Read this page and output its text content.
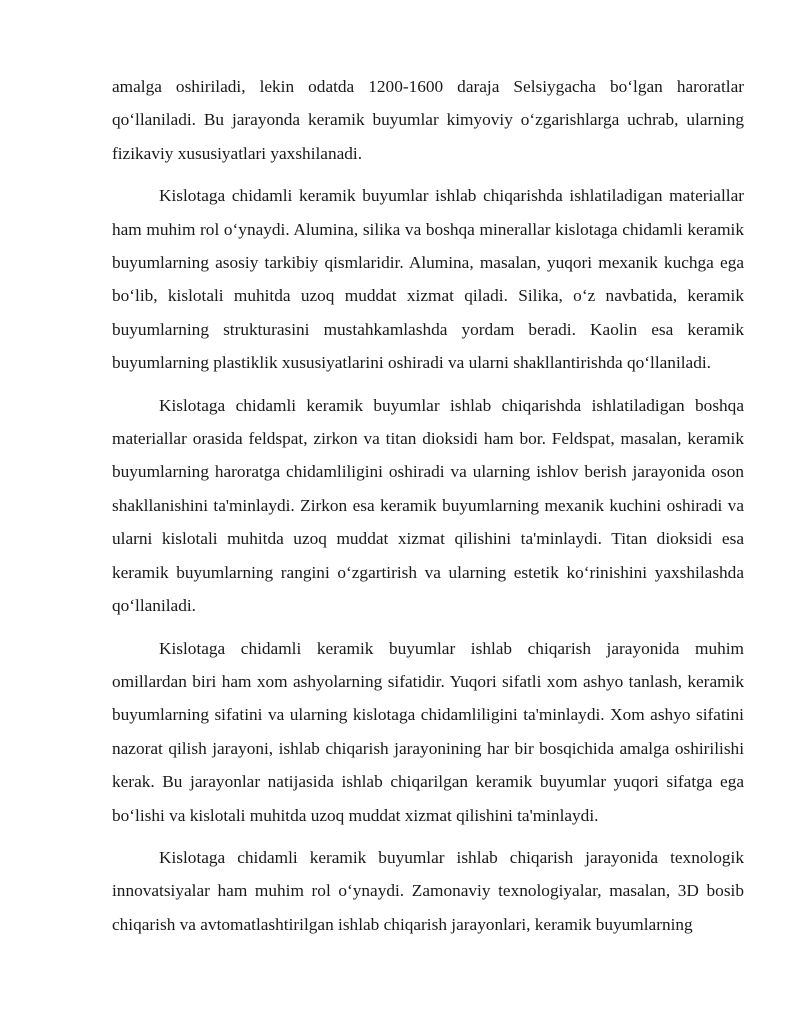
amalga oshiriladi, lekin odatda 1200-1600 daraja Selsiygacha bo‘lgan haroratlar qo‘llaniladi. Bu jarayonda keramik buyumlar kimyoviy o‘zgarishlarga uchrab, ularning fizikaviy xususiyatlari yaxshilanadi.

Kislotaga chidamli keramik buyumlar ishlab chiqarishda ishlatiladigan materiallar ham muhim rol o‘ynaydi. Alumina, silika va boshqa minerallar kislotaga chidamli keramik buyumlarning asosiy tarkibiy qismlaridir. Alumina, masalan, yuqori mexanik kuchga ega bo‘lib, kislotali muhitda uzoq muddat xizmat qiladi. Silika, o‘z navbatida, keramik buyumlarning strukturasini mustahkamlashda yordam beradi. Kaolin esa keramik buyumlarning plastiklik xususiyatlarini oshiradi va ularni shakllantirishda qo‘llaniladi.

Kislotaga chidamli keramik buyumlar ishlab chiqarishda ishlatiladigan boshqa materiallar orasida feldspat, zirkon va titan dioksidi ham bor. Feldspat, masalan, keramik buyumlarning haroratga chidamliligini oshiradi va ularning ishlov berish jarayonida oson shakllanishini ta'minlaydi. Zirkon esa keramik buyumlarning mexanik kuchini oshiradi va ularni kislotali muhitda uzoq muddat xizmat qilishini ta'minlaydi. Titan dioksidi esa keramik buyumlarning rangini o‘zgartirish va ularning estetik ko‘rinishini yaxshilashda qo‘llaniladi.

Kislotaga chidamli keramik buyumlar ishlab chiqarish jarayonida muhim omillardan biri ham xom ashyolarning sifatidir. Yuqori sifatli xom ashyo tanlash, keramik buyumlarning sifatini va ularning kislotaga chidamliligini ta'minlaydi. Xom ashyo sifatini nazorat qilish jarayoni, ishlab chiqarish jarayonining har bir bosqichida amalga oshirilishi kerak. Bu jarayonlar natijasida ishlab chiqarilgan keramik buyumlar yuqori sifatga ega bo‘lishi va kislotali muhitda uzoq muddat xizmat qilishini ta'minlaydi.

Kislotaga chidamli keramik buyumlar ishlab chiqarish jarayonida texnologik innovatsiyalar ham muhim rol o‘ynaydi. Zamonaviy texnologiyalar, masalan, 3D bosib chiqarish va avtomatlashtirilgan ishlab chiqarish jarayonlari, keramik buyumlarning
